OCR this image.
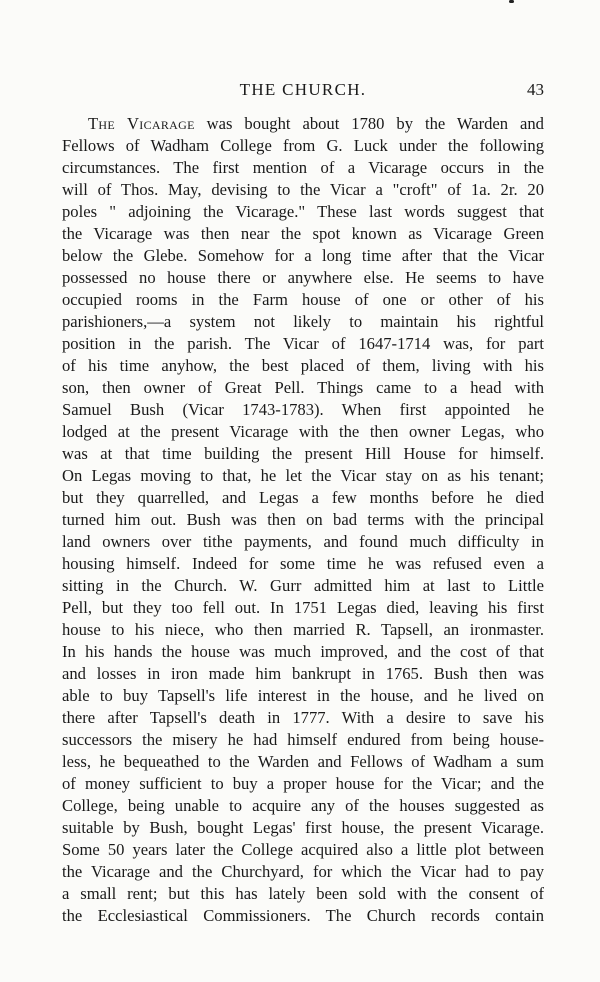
THE CHURCH.	43
The Vicarage was bought about 1780 by the Warden and
Fellows of Wadham College from G. Luck under the following
circumstances. The first mention of a Vicarage occurs in the
will of Thos. May, devising to the Vicar a "croft" of 1a. 2r. 20
poles " adjoining the Vicarage." These last words suggest that
the Vicarage was then near the spot known as Vicarage Green
below the Glebe. Somehow for a long time after that the Vicar
possessed no house there or anywhere else. He seems to have
occupied rooms in the Farm house of one or other of his
parishioners,—a system not likely to maintain his rightful
position in the parish. The Vicar of 1647-1714 was, for part
of his time anyhow, the best placed of them, living with his
son, then owner of Great Pell. Things came to a head with
Samuel Bush (Vicar 1743-1783). When first appointed he
lodged at the present Vicarage with the then owner Legas, who
was at that time building the present Hill House for himself.
On Legas moving to that, he let the Vicar stay on as his tenant;
but they quarrelled, and Legas a few months before he died
turned him out. Bush was then on bad terms with the principal
land owners over tithe payments, and found much difficulty in
housing himself. Indeed for some time he was refused even a
sitting in the Church. W. Gurr admitted him at last to Little
Pell, but they too fell out. In 1751 Legas died, leaving his first
house to his niece, who then married R. Tapsell, an ironmaster.
In his hands the house was much improved, and the cost of that
and losses in iron made him bankrupt in 1765. Bush then was
able to buy Tapsell's life interest in the house, and he lived on
there after Tapsell's death in 1777. With a desire to save his
successors the misery he had himself endured from being house-
less, he bequeathed to the Warden and Fellows of Wadham a sum
of money sufficient to buy a proper house for the Vicar; and the
College, being unable to acquire any of the houses suggested as
suitable by Bush, bought Legas' first house, the present Vicarage.
Some 50 years later the College acquired also a little plot between
the Vicarage and the Churchyard, for which the Vicar had to pay
a small rent; but this has lately been sold with the consent of
the Ecclesiastical Commissioners. The Church records contain
